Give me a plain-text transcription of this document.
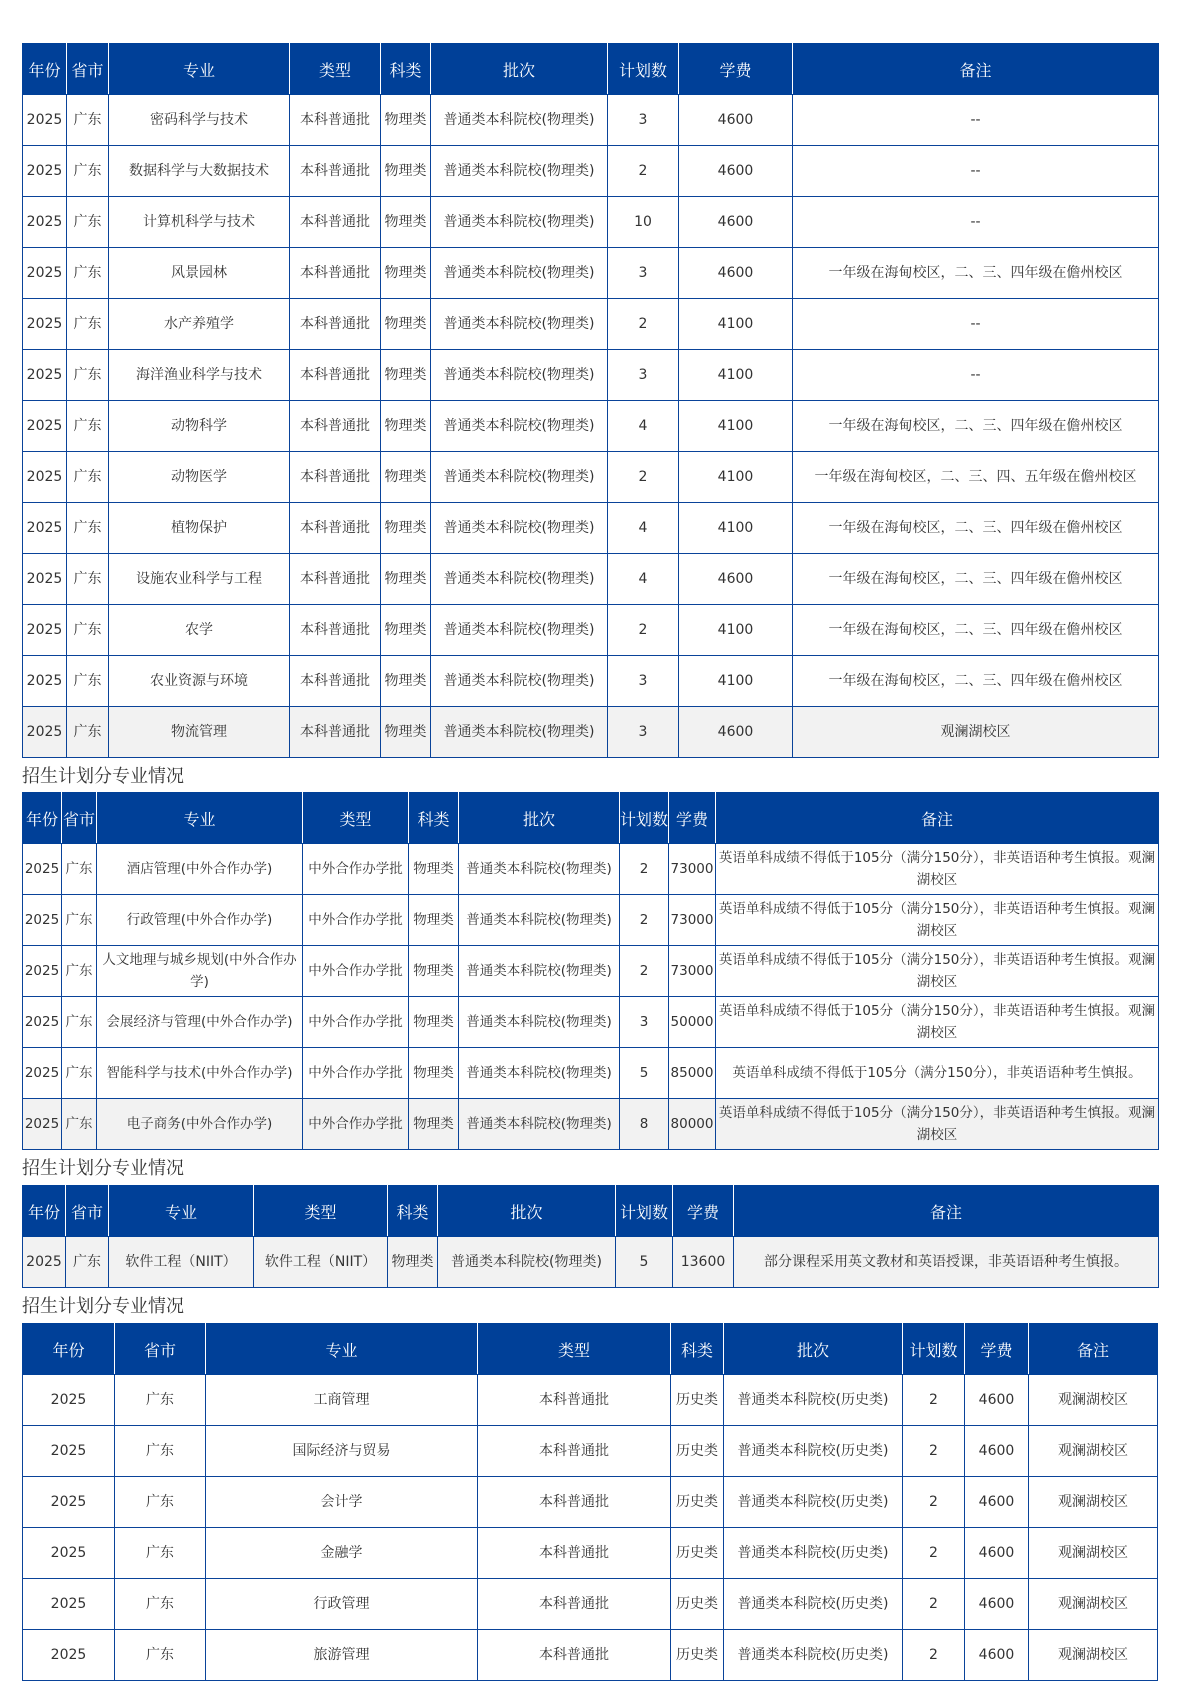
年份	省市	专业	类型	科类	批次	计划数	学费	备注
2025	广东	密码科学与技术	本科普通批	物理类	普通类本科院校(物理类)	3	4600	--
2025	广东	数据科学与大数据技术	本科普通批	物理类	普通类本科院校(物理类)	2	4600	--
2025	广东	计算机科学与技术	本科普通批	物理类	普通类本科院校(物理类)	10	4600	--
2025	广东	风景园林	本科普通批	物理类	普通类本科院校(物理类)	3	4600	一年级在海甸校区，二、三、四年级在儋州校区
2025	广东	水产养殖学	本科普通批	物理类	普通类本科院校(物理类)	2	4100	--
2025	广东	海洋渔业科学与技术	本科普通批	物理类	普通类本科院校(物理类)	3	4100	--
2025	广东	动物科学	本科普通批	物理类	普通类本科院校(物理类)	4	4100	一年级在海甸校区，二、三、四年级在儋州校区
2025	广东	动物医学	本科普通批	物理类	普通类本科院校(物理类)	2	4100	一年级在海甸校区，二、三、四、五年级在儋州校区
2025	广东	植物保护	本科普通批	物理类	普通类本科院校(物理类)	4	4100	一年级在海甸校区，二、三、四年级在儋州校区
2025	广东	设施农业科学与工程	本科普通批	物理类	普通类本科院校(物理类)	4	4600	一年级在海甸校区，二、三、四年级在儋州校区
2025	广东	农学	本科普通批	物理类	普通类本科院校(物理类)	2	4100	一年级在海甸校区，二、三、四年级在儋州校区
2025	广东	农业资源与环境	本科普通批	物理类	普通类本科院校(物理类)	3	4100	一年级在海甸校区，二、三、四年级在儋州校区
2025	广东	物流管理	本科普通批	物理类	普通类本科院校(物理类)	3	4600	观澜湖校区
招生计划分专业情况
年份	省市	专业	类型	科类	批次	计划数	学费	备注
2025	广东	酒店管理(中外合作办学)	中外合作办学批	物理类	普通类本科院校(物理类)	2	73000	英语单科成绩不得低于105分（满分150分），非英语语种考生慎报。观澜湖校区
2025	广东	行政管理(中外合作办学)	中外合作办学批	物理类	普通类本科院校(物理类)	2	73000	英语单科成绩不得低于105分（满分150分），非英语语种考生慎报。观澜湖校区
2025	广东	人文地理与城乡规划(中外合作办学)	中外合作办学批	物理类	普通类本科院校(物理类)	2	73000	英语单科成绩不得低于105分（满分150分），非英语语种考生慎报。观澜湖校区
2025	广东	会展经济与管理(中外合作办学)	中外合作办学批	物理类	普通类本科院校(物理类)	3	50000	英语单科成绩不得低于105分（满分150分），非英语语种考生慎报。观澜湖校区
2025	广东	智能科学与技术(中外合作办学)	中外合作办学批	物理类	普通类本科院校(物理类)	5	85000	英语单科成绩不得低于105分（满分150分），非英语语种考生慎报。
2025	广东	电子商务(中外合作办学)	中外合作办学批	物理类	普通类本科院校(物理类)	8	80000	英语单科成绩不得低于105分（满分150分），非英语语种考生慎报。观澜湖校区
招生计划分专业情况
年份	省市	专业	类型	科类	批次	计划数	学费	备注
2025	广东	软件工程（NIIT）	软件工程（NIIT）	物理类	普通类本科院校(物理类)	5	13600	部分课程采用英文教材和英语授课，非英语语种考生慎报。
招生计划分专业情况
年份	省市	专业	类型	科类	批次	计划数	学费	备注
2025	广东	工商管理	本科普通批	历史类	普通类本科院校(历史类)	2	4600	观澜湖校区
2025	广东	国际经济与贸易	本科普通批	历史类	普通类本科院校(历史类)	2	4600	观澜湖校区
2025	广东	会计学	本科普通批	历史类	普通类本科院校(历史类)	2	4600	观澜湖校区
2025	广东	金融学	本科普通批	历史类	普通类本科院校(历史类)	2	4600	观澜湖校区
2025	广东	行政管理	本科普通批	历史类	普通类本科院校(历史类)	2	4600	观澜湖校区
2025	广东	旅游管理	本科普通批	历史类	普通类本科院校(历史类)	2	4600	观澜湖校区
